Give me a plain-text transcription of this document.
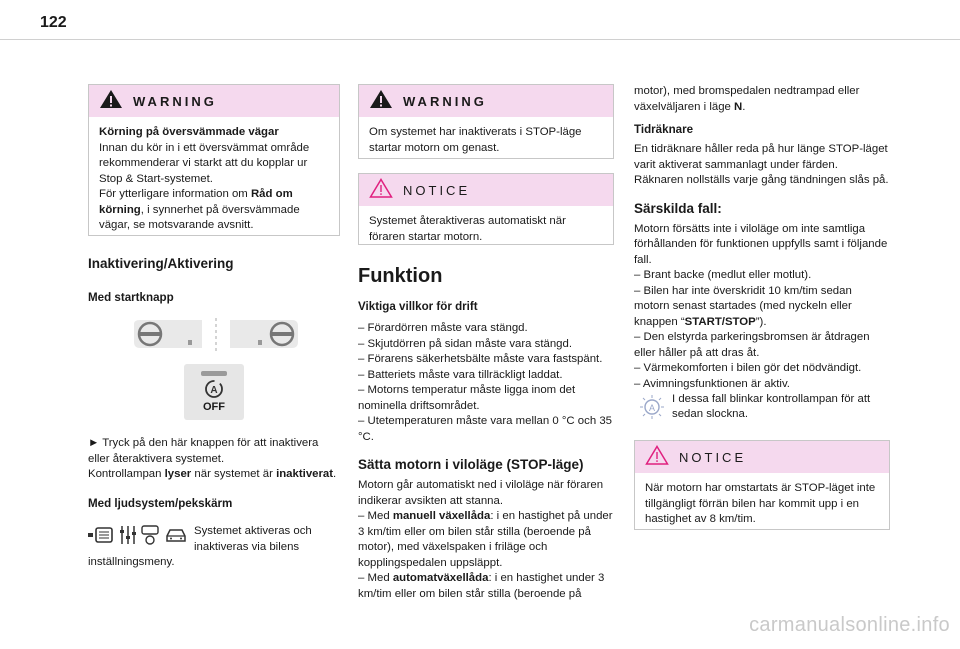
122
WARNING

Körning på översvämmade vägar

Innan du kör in i ett översvämmat område rekommenderar vi starkt att du kopplar ur Stop & Start-systemet.

För ytterligare information om Råd om körning, i synnerhet på översvämmade vägar, se motsvarande avsnitt.

Inaktivering/Aktivering
Med startknapp
A
OFF

► Tryck på den här knappen för att inaktivera eller återaktivera systemet.

Kontrollampan lyser när systemet är inaktiverat.

Med ljudsystem/pekskärm

Systemet aktiveras och

inaktiveras via bilens

inställningsmeny.

WARNING

Om systemet har inaktiverats i STOP-läge startar motorn om genast.

NOTICE

Systemet återaktiveras automatiskt när föraren startar motorn.

Funktion
Viktiga villkor för drift

– Förardörren måste vara stängd.

– Skjutdörren på sidan måste vara stängd.

– Förarens säkerhetsbälte måste vara fastspänt.

– Batteriets måste vara tillräckligt laddat.

– Motorns temperatur måste ligga inom det nominella driftsområdet.

– Utetemperaturen måste vara mellan 0 °C och 35 °C.

Sätta motorn i viloläge (STOP-läge)

Motorn går automatiskt ned i viloläge när föraren indikerar avsikten att stanna.

– Med manuell växellåda: i en hastighet på under 3 km/tim eller om bilen står stilla (beroende på motor), med växelspaken i friläge och kopplingspedalen uppsläppt.

– Med automatväxellåda: i en hastighet under 3 km/tim eller om bilen står stilla (beroende på

motor), med bromspedalen nedtrampad eller växelväljaren i läge N.

Tidräknare

En tidräknare håller reda på hur länge STOP-läget varit aktiverat sammanlagt under färden. Räknaren nollställs varje gång tändningen slås på.

Särskilda fall:

Motorn försätts inte i viloläge om inte samtliga förhållanden för funktionen uppfylls samt i följande fall.

– Brant backe (medlut eller motlut).

– Bilen har inte överskridit 10 km/tim sedan motorn senast startades (med nyckeln eller knappen “START/STOP”).

– Den elstyrda parkeringsbromsen är åtdragen eller håller på att dras åt.

– Värmekomforten i bilen gör det nödvändigt.

– Avimningsfunktionen är aktiv.

A

I dessa fall blinkar kontrollampan för att

sedan slockna.

NOTICE

När motorn har omstartats är STOP-läget inte tillgängligt förrän bilen har kommit upp i en hastighet av 8 km/tim.

carmanualsonline.info
